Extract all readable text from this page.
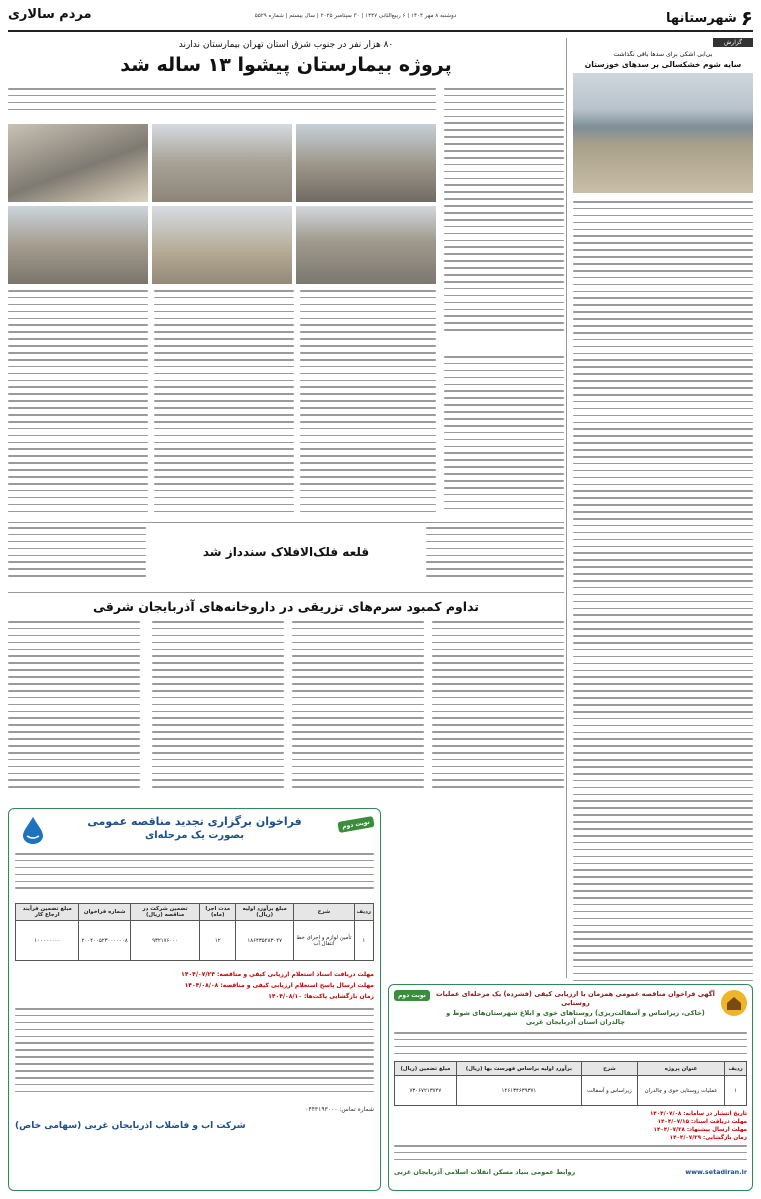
۶
شهرستانها
دوشنبه ۸ مهر ۱۴۰۴ | ۶ ربیع‌الثانی ۱۴۴۷ | ۳۰ سپتامبر ۲۰۲۵ | سال بیستم | شماره ۵۵۲۹
مردم سالاری
گزارش
بی‌آبی اشکی برای سدها باقی نگذاشت
سایه شوم خشکسالی بر سدهای خوزستان
۸۰ هزار نفر در جنوب شرق استان تهران بیمارستان ندارند
پروژه بیمارستان پیشوا ۱۳ ساله شد
قلعه فلک‌الافلاک سندداز شد
تداوم کمبود سرم‌های تزریقی در داروخانه‌های آذربایجان شرقی
نوبت دوم
فراخوان برگزاری تجدید مناقصه عمومی
بصورت یک مرحله‌ای
ردیف	شرح	مبلغ برآورد اولیه (ریال)	مدت اجرا (ماه)	تضمین شرکت در مناقصه (ریال)	شماره فراخوان	مبلغ تضمین فرآیند ارجاع کار
۱	تأمین لوازم و اجرای خط انتقال آب	۱۸۶۴۳۵۲۸۳۰۴۷	۱۲	۹۳۲۱۷۶۰۰۰	۲۰۰۴۰۰۵۲۳۰۰۰۰۰۰۸	۱۰۰۰۰۰۰۰۰
مهلت دریافت اسناد استعلام ارزیابی کیفی و مناقصه: ۱۴۰۴/۰۷/۲۴
مهلت ارسال پاسخ استعلام ارزیابی کیفی و مناقصه: ۱۴۰۴/۰۸/۰۸
زمان بازگشایی پاکت‌ها: ۱۴۰۴/۰۸/۱۰
شماره تماس: ۰۴۴۳۱۹۳۰۰۰
شرکت آب و فاضلاب آذربایجان غربی (سهامی خاص)
آگهی فراخوان مناقصه عمومی همزمان با ارزیابی کیفی (فشرده) یک مرحله‌ای عملیات روستایی
(خاکی، زیراساس و آسفالت‌ریزی) روستاهای خوی و ابلاغ شهرستان‌های شوط و چالدران استان آذربایجان غربی
نوبت دوم
ردیف	عنوان پروژه	شرح	برآورد اولیه براساس فهرست بها (ریال)	مبلغ تضمین (ریال)
۱	عملیات روستایی خوی و چالدران	زیراساس و آسفالت	۱۴۶۱۳۴۶۳۹۳۷۱	۷۳۰۶۷۲۱۳۷۴۷
تاریخ انتشار در سامانه: ۱۴۰۴/۰۷/۰۸
مهلت دریافت اسناد: ۱۴۰۴/۰۷/۱۵
مهلت ارسال پیشنهاد: ۱۴۰۴/۰۷/۲۸
زمان بازگشایی: ۱۴۰۴/۰۷/۲۹
www.setadiran.ir
روابط عمومی بنیاد مسکن انقلاب اسلامی آذربایجان غربی
